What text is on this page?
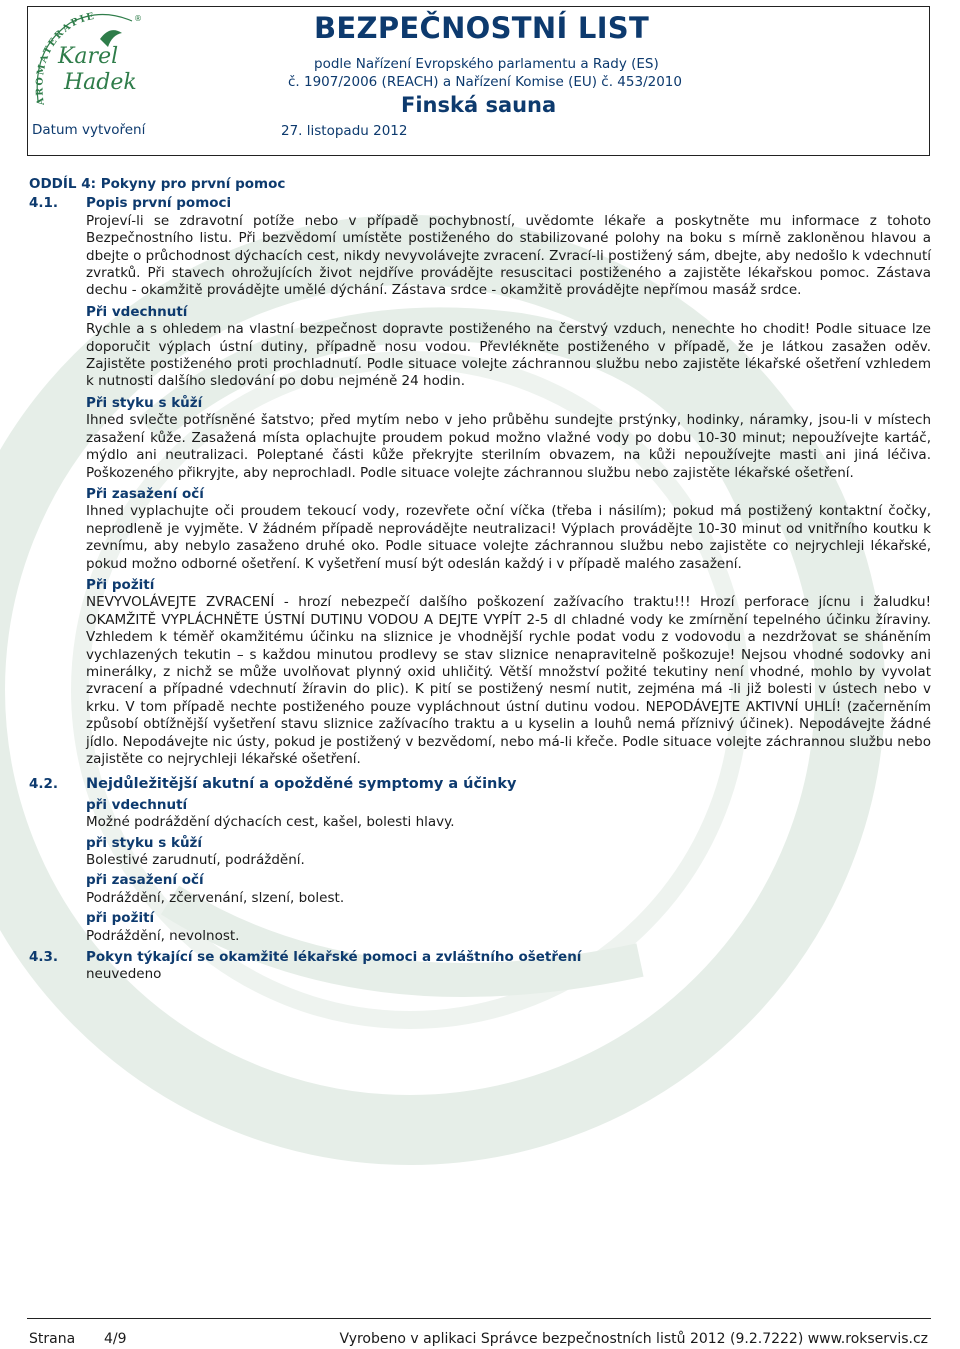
AROMATERAPIE
Karel
Hadek
®	BEZPEČNOSTNÍ LIST
podle Nařízení Evropského parlamentu a Rady (ES)
č. 1907/2006 (REACH) a Nařízení Komise (EU) č. 453/2010
Finská sauna
Datum vytvoření	27. listopadu 2012
ODDÍL 4: Pokyny pro první pomoc
4.1.	Popis první pomoci

Projeví-li se zdravotní potíže nebo v případě pochybností, uvědomte lékaře a poskytněte mu informace z tohoto Bezpečnostního listu. Při bezvědomí umístěte postiženého do stabilizované polohy na boku s mírně zakloněnou hlavou a dbejte o průchodnost dýchacích cest, nikdy nevyvolávejte zvracení. Zvrací-li postižený sám, dbejte, aby nedošlo k vdechnutí zvratků. Při stavech ohrožujících život nejdříve provádějte resuscitaci postiženého a zajistěte lékařskou pomoc. Zástava dechu - okamžitě provádějte umělé dýchání. Zástava srdce - okamžitě provádějte nepřímou masáž srdce.

Při vdechnutí

Rychle a s ohledem na vlastní bezpečnost dopravte postiženého na čerstvý vzduch, nenechte ho chodit! Podle situace lze doporučit výplach ústní dutiny, případně nosu vodou. Převlékněte postiženého v případě, že je látkou zasažen oděv. Zajistěte postiženého proti prochladnutí. Podle situace volejte záchrannou službu nebo zajistěte lékařské ošetření vzhledem k nutnosti dalšího sledování po dobu nejméně 24 hodin.

Při styku s kůží

Ihned svlečte potřísněné šatstvo; před mytím nebo v jeho průběhu sundejte prstýnky, hodinky, náramky, jsou-li v místech zasažení kůže. Zasažená místa oplachujte proudem pokud možno vlažné vody po dobu 10-30 minut; nepoužívejte kartáč, mýdlo ani neutralizaci. Poleptané části kůže překryjte sterilním obvazem, na kůži nepoužívejte masti ani jiná léčiva. Poškozeného přikryjte, aby neprochladl. Podle situace volejte záchrannou službu nebo zajistěte lékařské ošetření.

Při zasažení očí

Ihned vyplachujte oči proudem tekoucí vody, rozevřete oční víčka (třeba i násilím); pokud má postižený kontaktní čočky, neprodleně je vyjměte. V žádném případě neprovádějte neutralizaci! Výplach provádějte 10-30 minut od vnitřního koutku k zevnímu, aby nebylo zasaženo druhé oko. Podle situace volejte záchrannou službu nebo zajistěte co nejrychleji lékařské, pokud možno odborné ošetření. K vyšetření musí být odeslán každý i v případě malého zasažení.

Při požití

NEVYVOLÁVEJTE ZVRACENÍ - hrozí nebezpečí dalšího poškození zažívacího traktu!!! Hrozí perforace jícnu i žaludku! OKAMŽITĚ VYPLÁCHNĚTE ÚSTNÍ DUTINU VODOU A DEJTE VYPÍT 2-5 dl chladné vody ke zmírnění tepelného účinku žíraviny. Vzhledem k téměř okamžitému účinku na sliznice je vhodnější rychle podat vodu z vodovodu a nezdržovat se sháněním vychlazených tekutin – s každou minutou prodlevy se stav sliznice nenapravitelně poškozuje! Nejsou vhodné sodovky ani minerálky, z nichž se může uvolňovat plynný oxid uhličitý. Větší množství požité tekutiny není vhodné, mohlo by vyvolat zvracení a případné vdechnutí žíravin do plic). K pití se postižený nesmí nutit, zejména má -li již bolesti v ústech nebo v krku. V tom případě nechte postiženého pouze vypláchnout ústní dutinu vodou. NEPODÁVEJTE AKTIVNÍ UHLÍ! (začerněním způsobí obtížnější vyšetření stavu sliznice zažívacího traktu a u kyselin a louhů nemá příznivý účinek). Nepodávejte žádné jídlo. Nepodávejte nic ústy, pokud je postižený v bezvědomí, nebo má-li křeče. Podle situace volejte záchrannou službu nebo zajistěte co nejrychleji lékařské ošetření.

4.2.	Nejdůležitější akutní a opožděné symptomy a účinky
při vdechnutí

Možné podráždění dýchacích cest, kašel, bolesti hlavy.

při styku s kůží

Bolestivé zarudnutí, podráždění.

při zasažení očí

Podráždění, zčervenání, slzení, bolest.

při požití

Podráždění, nevolnost.

4.3.	Pokyn týkající se okamžité lékařské pomoci a zvláštního ošetření

neuvedeno

Strana 4/9	Vyrobeno v aplikaci Správce bezpečnostních listů 2012 (9.2.7222) www.rokservis.cz
